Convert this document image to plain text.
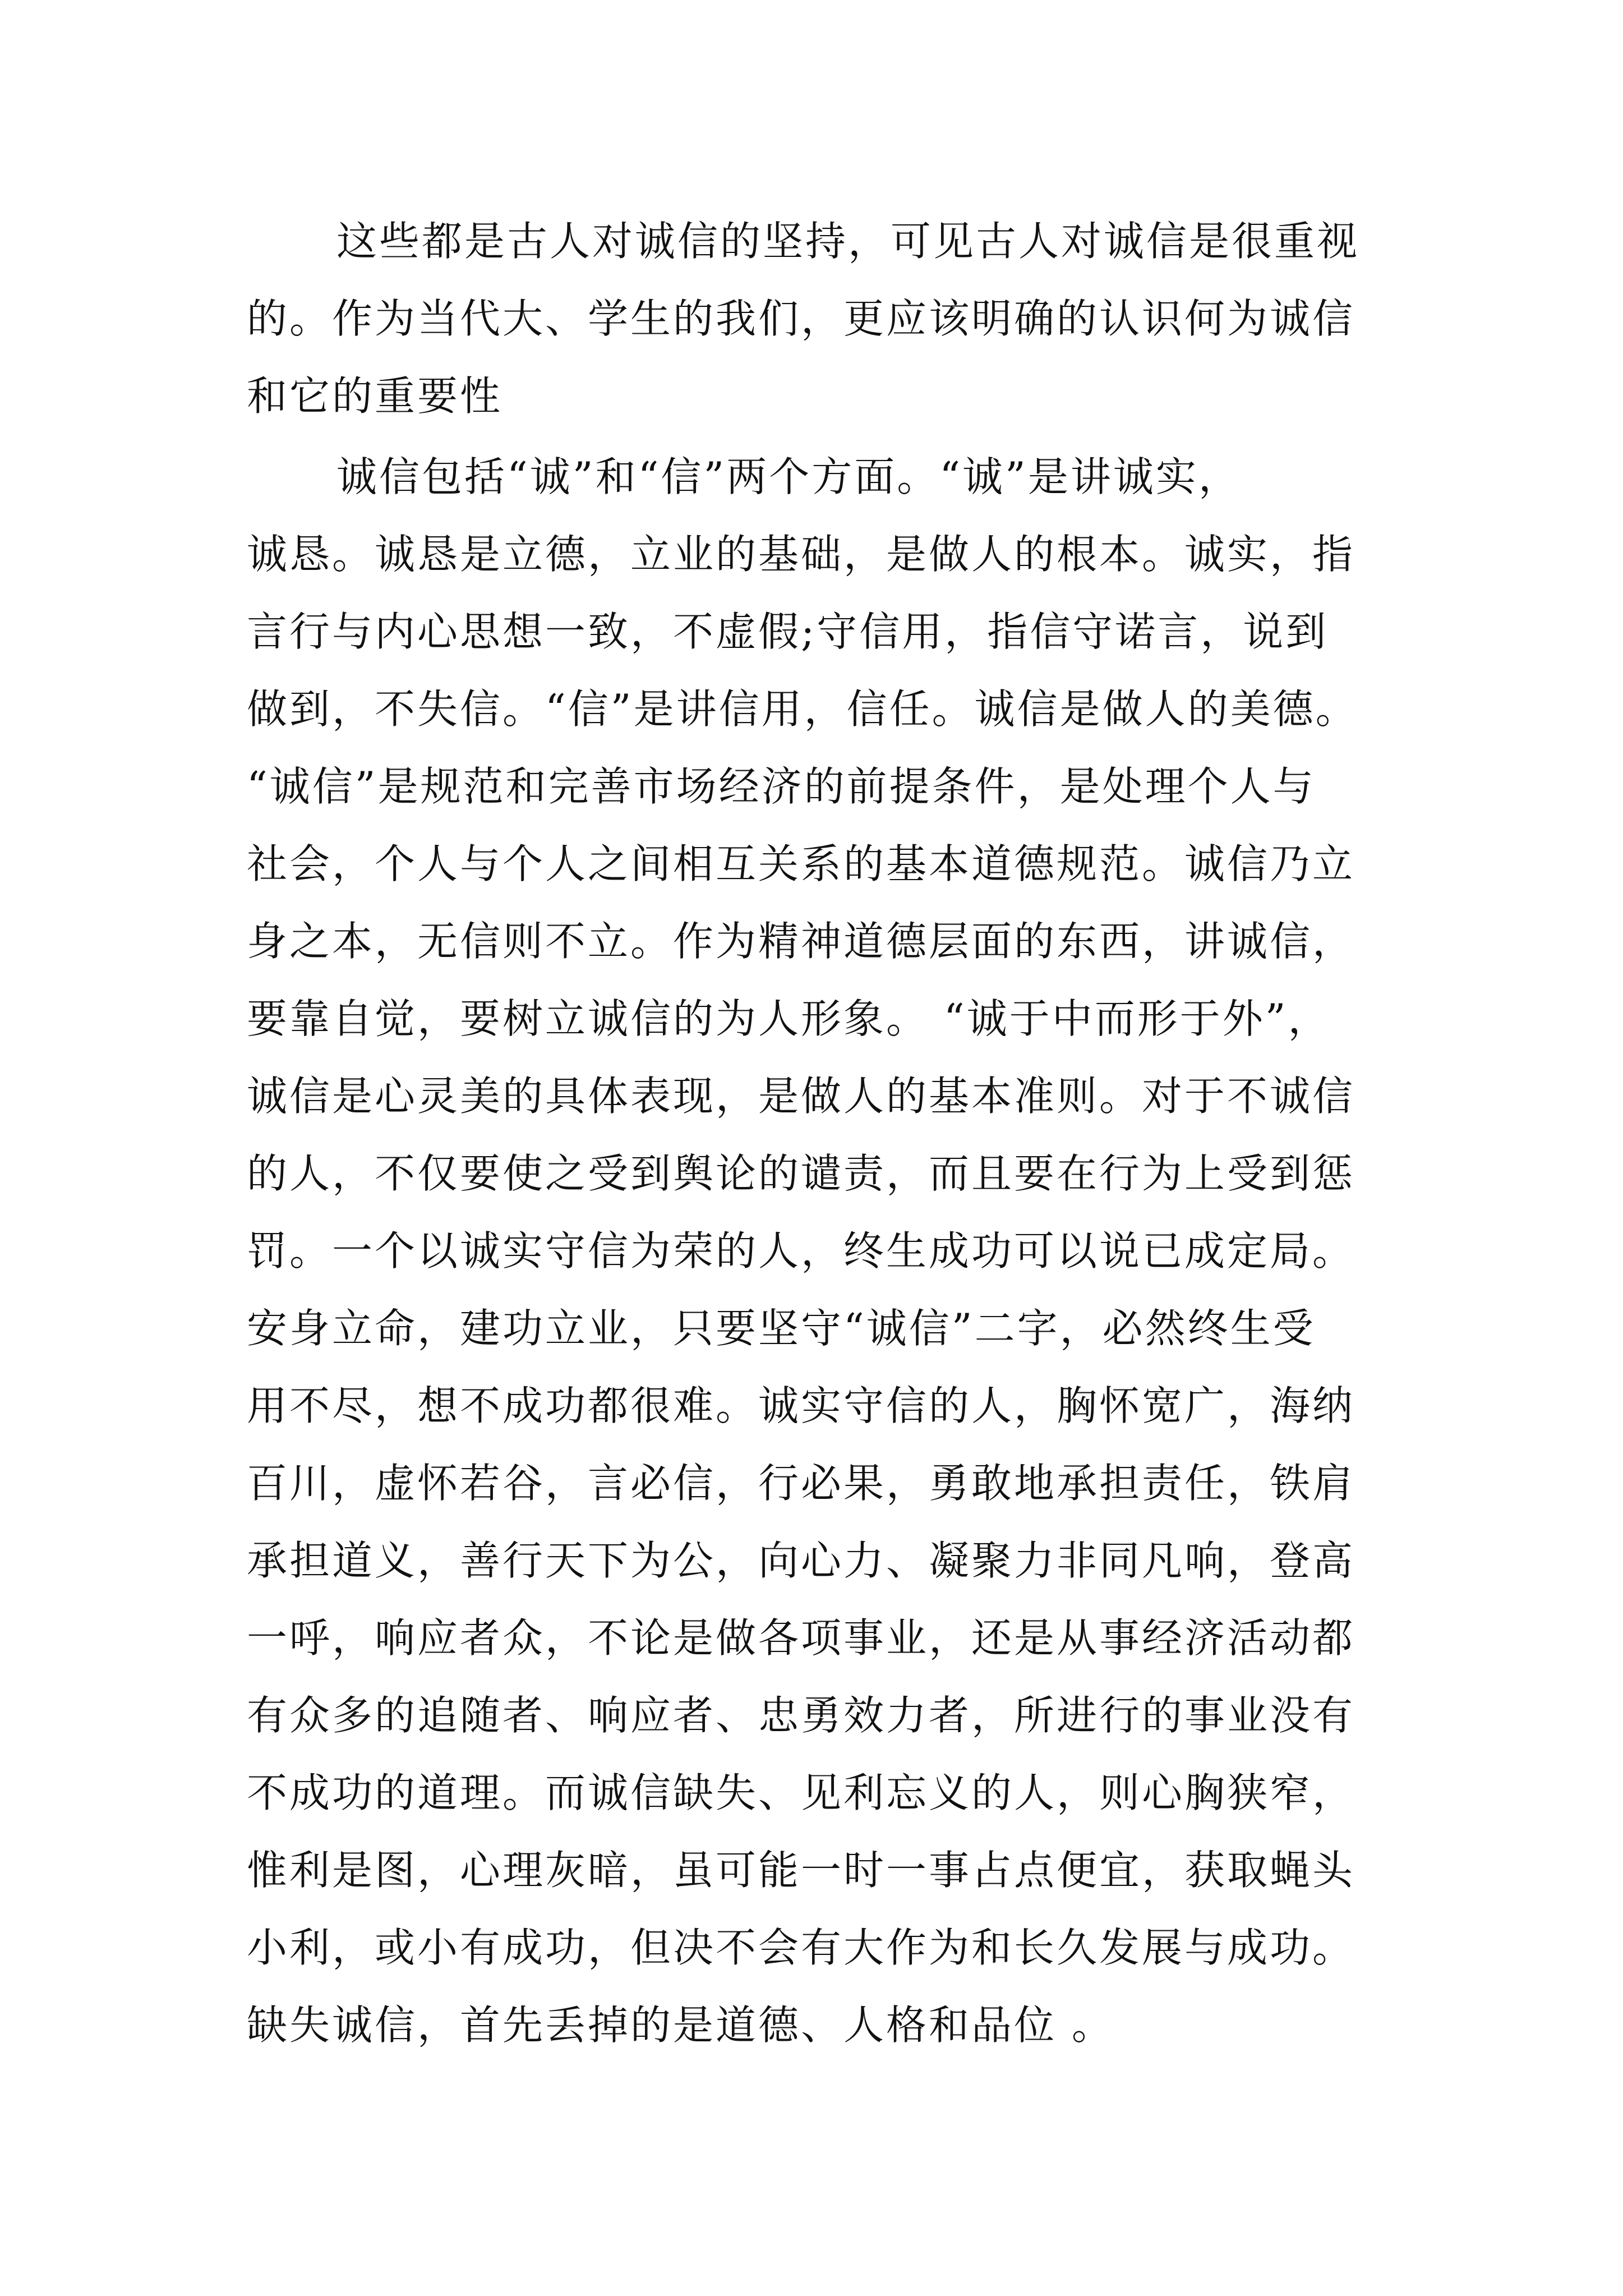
这些都是古人对诚信的坚持，可见古人对诚信是很重视
的。作为当代大、学生的我们，更应该明确的认识何为诚信
和它的重要性
诚信包括“诚”和“信”两个方面。“诚”是讲诚实，
诚恳。诚恳是立德，立业的基础，是做人的根本。诚实，指
言行与内心思想一致，不虚假;守信用，指信守诺言，说到
做到，不失信。“信”是讲信用，信任。诚信是做人的美德。
“诚信”是规范和完善市场经济的前提条件，是处理个人与
社会，个人与个人之间相互关系的基本道德规范。诚信乃立
身之本，无信则不立。作为精神道德层面的东西，讲诚信，
要靠自觉，要树立诚信的为人形象。 “诚于中而形于外”，
诚信是心灵美的具体表现，是做人的基本准则。对于不诚信
的人，不仅要使之受到舆论的谴责，而且要在行为上受到惩
罚。一个以诚实守信为荣的人，终生成功可以说已成定局。
安身立命，建功立业，只要坚守“诚信”二字，必然终生受
用不尽，想不成功都很难。诚实守信的人，胸怀宽广，海纳
百川，虚怀若谷，言必信，行必果，勇敢地承担责任，铁肩
承担道义，善行天下为公，向心力、凝聚力非同凡响，登高
一呼，响应者众，不论是做各项事业，还是从事经济活动都
有众多的追随者、响应者、忠勇效力者，所进行的事业没有
不成功的道理。而诚信缺失、见利忘义的人，则心胸狭窄，
惟利是图，心理灰暗，虽可能一时一事占点便宜，获取蝇头
小利，或小有成功，但决不会有大作为和长久发展与成功。
缺失诚信，首先丢掉的是道德、人格和品位 。
